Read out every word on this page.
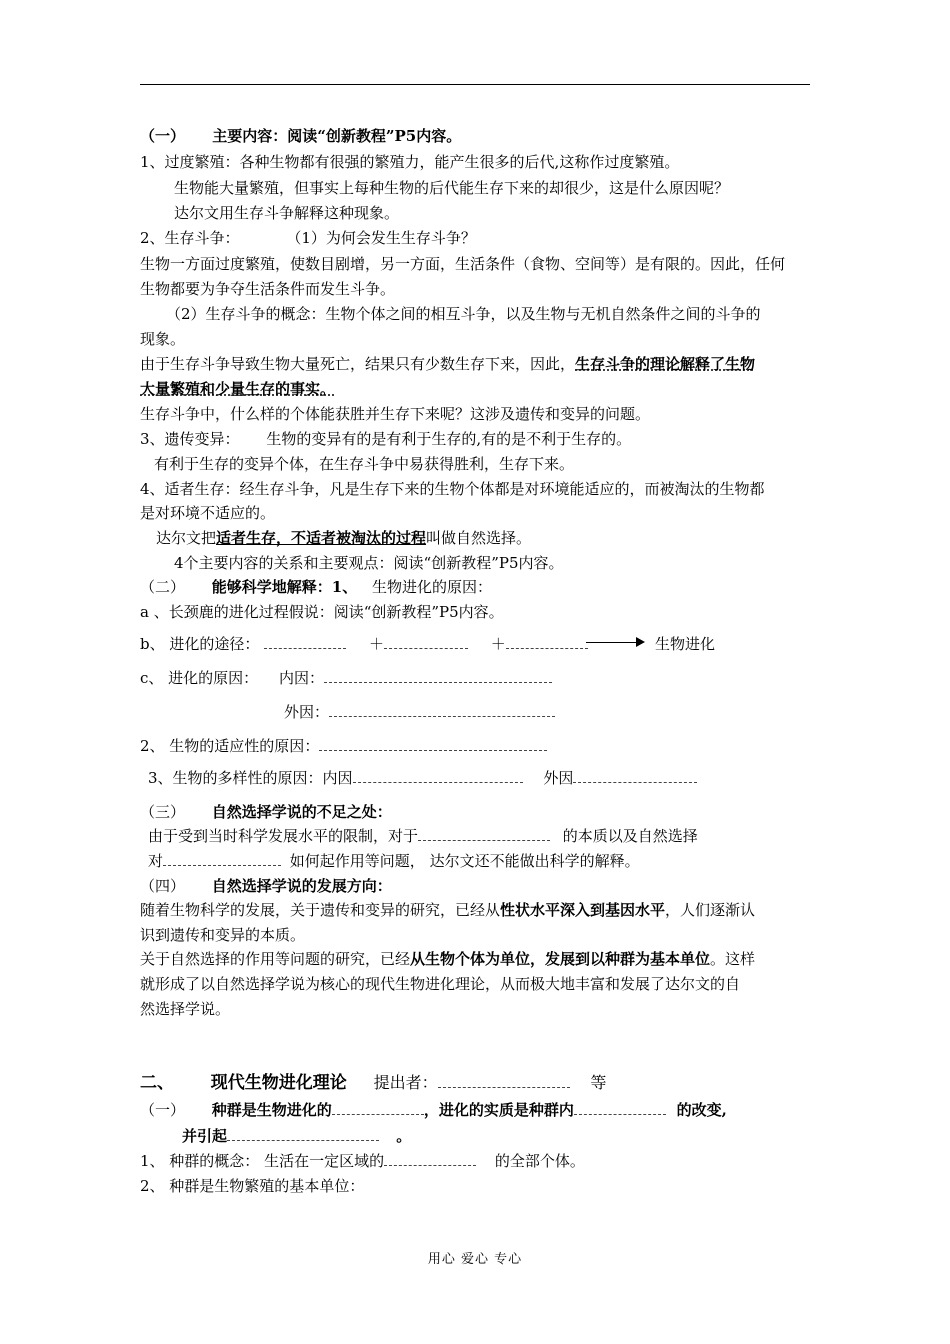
（一） 主要内容：阅读“创新教程”P5内容。
1、过度繁殖：各种生物都有很强的繁殖力，能产生很多的后代,这称作过度繁殖。
生物能大量繁殖，但事实上每种生物的后代能生存下来的却很少，这是什么原因呢？
达尔文用生存斗争解释这种现象。
2、生存斗争：	（1）为何会发生生存斗争？
生物一方面过度繁殖，使数目剧增，另一方面，生活条件（食物、空间等）是有限的。因此，任何
生物都要为争夺生活条件而发生斗争。
（2）生存斗争的概念：生物个体之间的相互斗争，以及生物与无机自然条件之间的斗争的
现象。
由于生存斗争导致生物大量死亡，结果只有少数生存下来，因此，生存斗争的理论解释了生物
大量繁殖和少量生存的事实。
生存斗争中，什么样的个体能获胜并生存下来呢？这涉及遗传和变异的问题。
3、遗传变异： 生物的变异有的是有利于生存的,有的是不利于生存的。
有利于生存的变异个体，在生存斗争中易获得胜利，生存下来。
4、适者生存：经生存斗争，凡是生存下来的生物个体都是对环境能适应的，而被淘汰的生物都
是对环境不适应的。
达尔文把适者生存，不适者被淘汰的过程叫做自然选择。
4个主要内容的关系和主要观点：阅读“创新教程”P5内容。
（二） 能够科学地解释：1、 生物进化的原因：
a 、长颈鹿的进化过程假说：阅读“创新教程”P5内容。
b、 进化的途径：	＋	＋	生物进化
c、 进化的原因： 内因：
外因：
2、 生物的适应性的原因：
3、生物的多样性的原因：内因	外因
（三） 自然选择学说的不足之处：
由于受到当时科学发展水平的限制，对于	的本质以及自然选择
对	如何起作用等问题， 达尔文还不能做出科学的解释。
（四） 自然选择学说的发展方向：
随着生物科学的发展，关于遗传和变异的研究，已经从性状水平深入到基因水平，人们逐渐认
识到遗传和变异的本质。
关于自然选择的作用等问题的研究，已经从生物个体为单位，发展到以种群为基本单位。这样
就形成了以自然选择学说为核心的现代生物进化理论，从而极大地丰富和发展了达尔文的自
然选择学说。
二、 现代生物进化理论 提出者：	等
（一） 种群是生物进化的	，进化的实质是种群内	的改变,
并引起	。
1、 种群的概念： 生活在一定区域的	的全部个体。
2、 种群是生物繁殖的基本单位：
用心 爱心 专心
